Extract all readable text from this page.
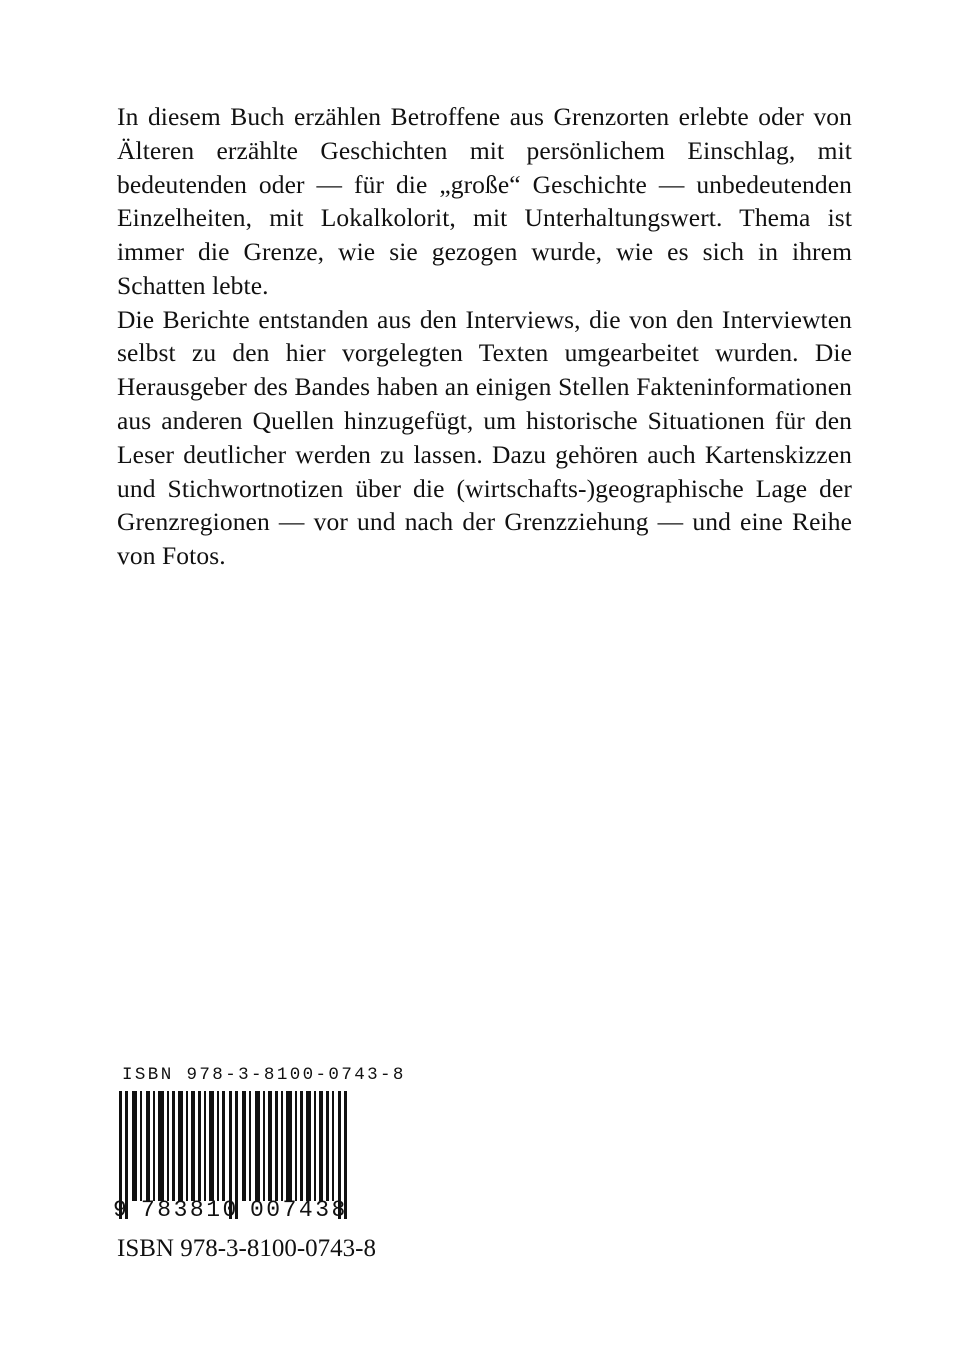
In diesem Buch erzählen Betroffene aus Grenzorten erlebte oder von Älteren erzählte Geschichten mit persönlichem Einschlag, mit bedeutenden oder — für die „große“ Geschichte — unbedeutenden Einzelheiten, mit Lokalkolorit, mit Unterhaltungswert. Thema ist immer die Grenze, wie sie gezogen wurde, wie es sich in ihrem Schatten lebte.

Die Berichte entstanden aus den Interviews, die von den Interviewten selbst zu den hier vorgelegten Texten umgearbeitet wurden. Die Herausgeber des Bandes haben an einigen Stellen Fakteninformationen aus anderen Quellen hinzugefügt, um historische Situationen für den Leser deutlicher werden zu lassen. Dazu gehören auch Kartenskizzen und Stichwortnotizen über die (wirtschafts-)geographische Lage der Grenzregionen — vor und nach der Grenzziehung — und eine Reihe von Fotos.

ISBN 978-3-8100-0743-8
9 783810 007438
ISBN 978-3-8100-0743-8
